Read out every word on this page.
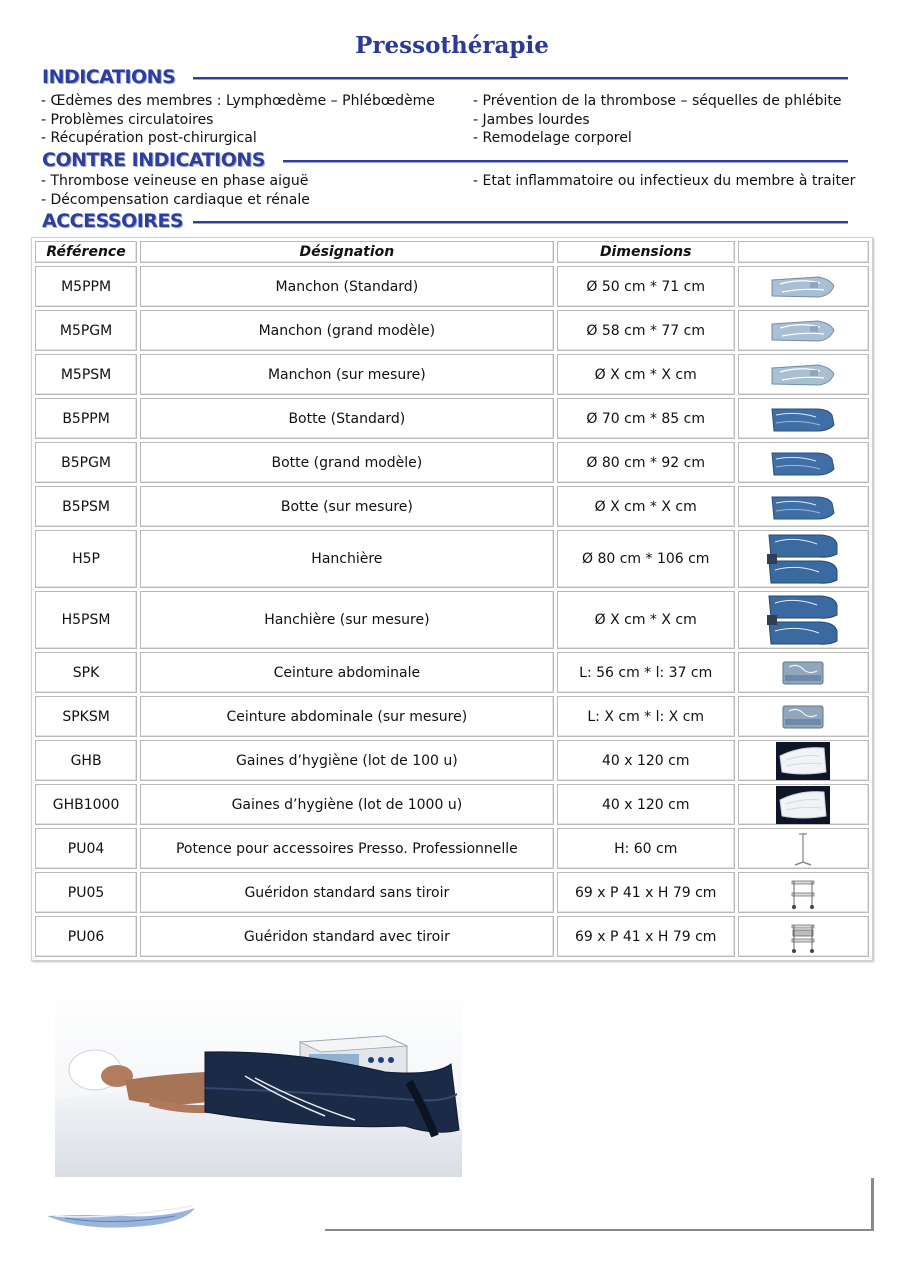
Pressothérapie
INDICATIONS
- Œdèmes des membres : Lymphœdème – Phlébœdème
- Problèmes circulatoires
- Récupération post-chirurgical
- Prévention de la thrombose – séquelles de phlébite
- Jambes lourdes
- Remodelage corporel
CONTRE INDICATIONS
- Thrombose veineuse en phase aiguë
- Décompensation cardiaque et rénale
- Etat inflammatoire ou infectieux du membre à traiter
ACCESSOIRES
Référence	Désignation	Dimensions	
M5PPM	Manchon (Standard)	Ø 50 cm * 71 cm	

M5PGM	Manchon (grand modèle)	Ø 58 cm * 77 cm	

M5PSM	Manchon (sur mesure)	Ø X cm * X cm	

B5PPM	Botte (Standard)	Ø 70 cm * 85 cm	

B5PGM	Botte (grand modèle)	Ø 80 cm * 92 cm	

B5PSM	Botte (sur mesure)	Ø X cm * X cm	

H5P	Hanchière	Ø 80 cm * 106 cm	

H5PSM	Hanchière (sur mesure)	Ø X cm * X cm	

SPK	Ceinture abdominale	L: 56 cm * l: 37 cm	

SPKSM	Ceinture abdominale (sur mesure)	L: X cm * l: X cm	

GHB	Gaines d’hygiène (lot de 100 u)	40 x 120 cm	

GHB1000	Gaines d’hygiène (lot de 1000 u)	40 x 120 cm	

PU04	Potence pour accessoires Presso. Professionnelle	H: 60 cm	

PU05	Guéridon standard sans tiroir	69 x P 41 x H 79 cm	

PU06	Guéridon standard avec tiroir	69 x P 41 x H 79 cm	
